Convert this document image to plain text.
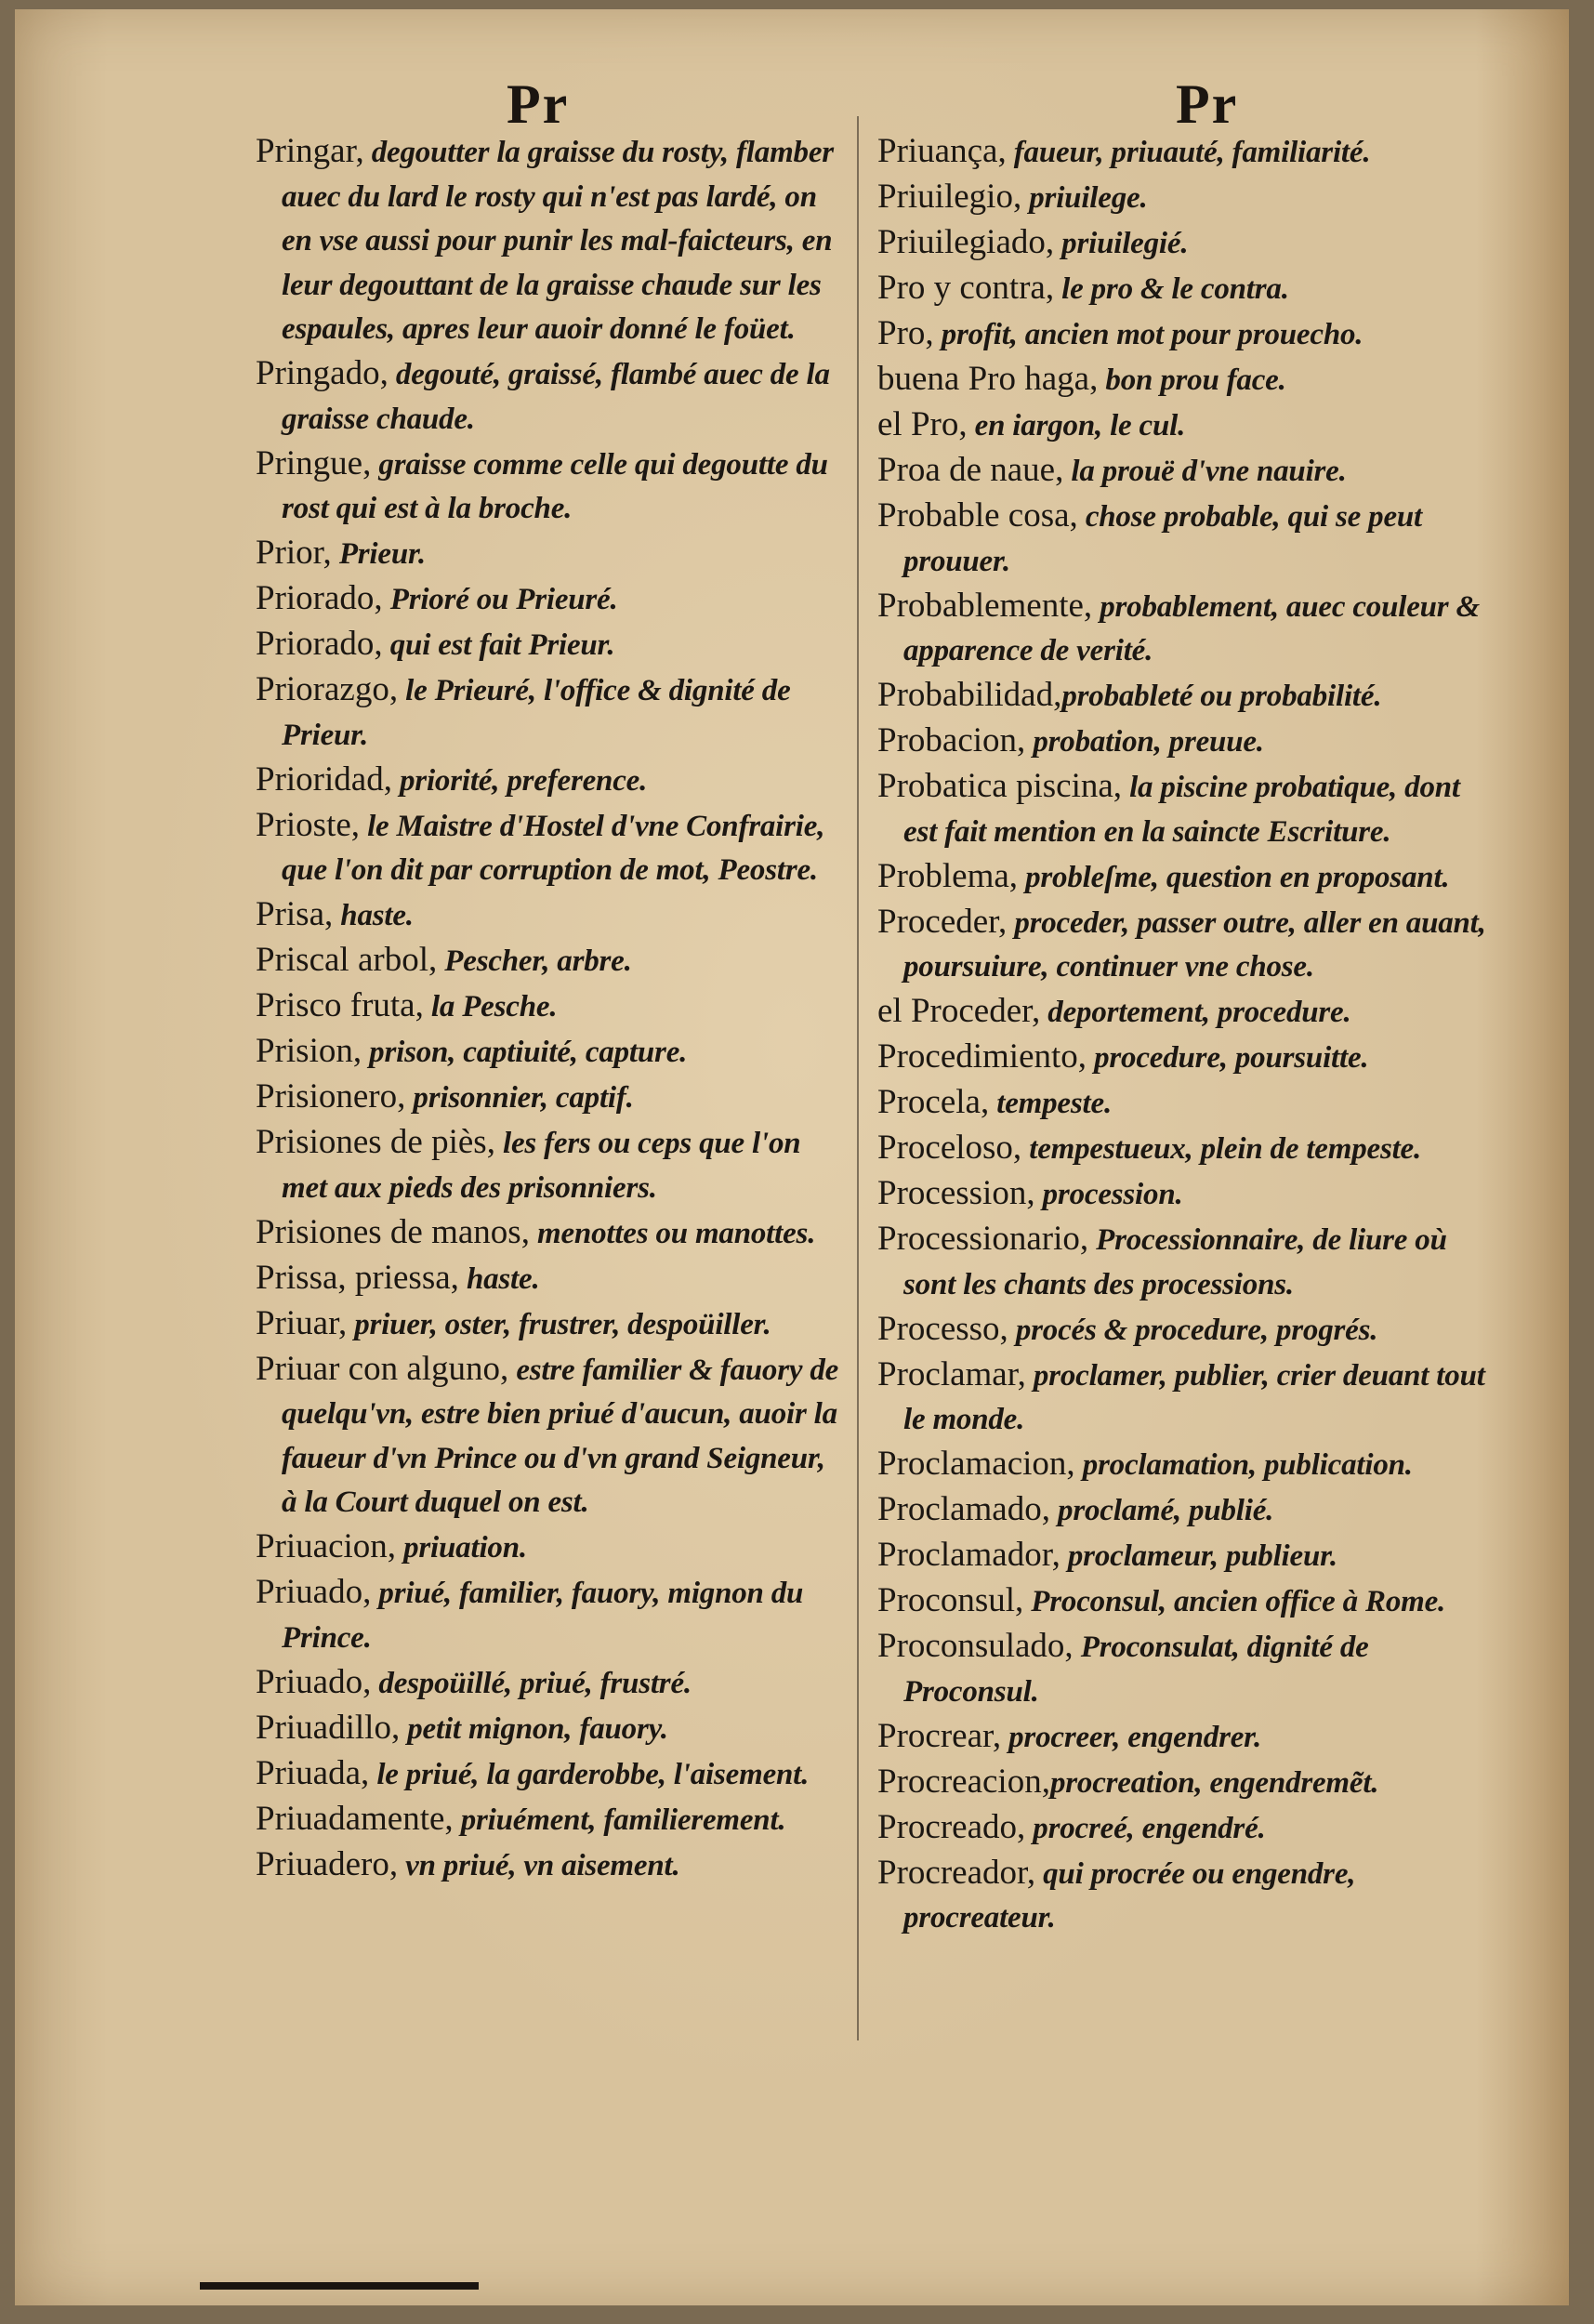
Pr	Pr

Pringar, degoutter la graisse du rosty, flamber auec du lard le rosty qui n'est pas lardé, on en vse aussi pour punir les mal-faicteurs, en leur degouttant de la graisse chaude sur les espaules, apres leur auoir donné le foüet.

Pringado, degouté, graissé, flambé auec de la graisse chaude.

Pringue, graisse comme celle qui degoutte du rost qui est à la broche.

Prior, Prieur.

Priorado, Prioré ou Prieuré.

Priorado, qui est fait Prieur.

Priorazgo, le Prieuré, l'office & dignité de Prieur.

Prioridad, priorité, preference.

Prioste, le Maistre d'Hostel d'vne Confrairie, que l'on dit par corruption de mot, Peostre.

Prisa, haste.

Priscal arbol, Pescher, arbre.

Prisco fruta, la Pesche.

Prision, prison, captiuité, capture.

Prisionero, prisonnier, captif.

Prisiones de piès, les fers ou ceps que l'on met aux pieds des prisonniers.

Prisiones de manos, menottes ou manottes.

Prissa, priessa, haste.

Priuar, priuer, oster, frustrer, despoüiller.

Priuar con alguno, estre familier & fauory de quelqu'vn, estre bien priué d'aucun, auoir la faueur d'vn Prince ou d'vn grand Seigneur, à la Court duquel on est.

Priuacion, priuation.

Priuado, priué, familier, fauory, mignon du Prince.

Priuado, despoüillé, priué, frustré.

Priuadillo, petit mignon, fauory.

Priuada, le priué, la garderobbe, l'aisement.

Priuadamente, priuément, familierement.

Priuadero, vn priué, vn aisement.

Priuança, faueur, priuauté, familiarité.

Priuilegio, priuilege.

Priuilegiado, priuilegié.

Pro y contra, le pro & le contra.

Pro, profit, ancien mot pour prouecho.

buena Pro haga, bon prou face.

el Pro, en iargon, le cul.

Proa de naue, la prouë d'vne nauire.

Probable cosa, chose probable, qui se peut prouuer.

Probablemente, probablement, auec couleur & apparence de verité.

Probabilidad,probableté ou probabilité.

Probacion, probation, preuue.

Probatica piscina, la piscine probatique, dont est fait mention en la saincte Escriture.

Problema, probleſme, question en proposant.

Proceder, proceder, passer outre, aller en auant, poursuiure, continuer vne chose.

el Proceder, deportement, procedure.

Procedimiento, procedure, poursuitte.

Procela, tempeste.

Proceloso, tempestueux, plein de tempeste.

Procession, procession.

Processionario, Processionnaire, de liure où sont les chants des processions.

Processo, procés & procedure, progrés.

Proclamar, proclamer, publier, crier deuant tout le monde.

Proclamacion, proclamation, publication.

Proclamado, proclamé, publié.

Proclamador, proclameur, publieur.

Proconsul, Proconsul, ancien office à Rome.

Proconsulado, Proconsulat, dignité de Proconsul.

Procrear, procreer, engendrer.

Procreacion,procreation, engendremẽt.

Procreado, procreé, engendré.

Procreador, qui procrée ou engendre, procreateur.
